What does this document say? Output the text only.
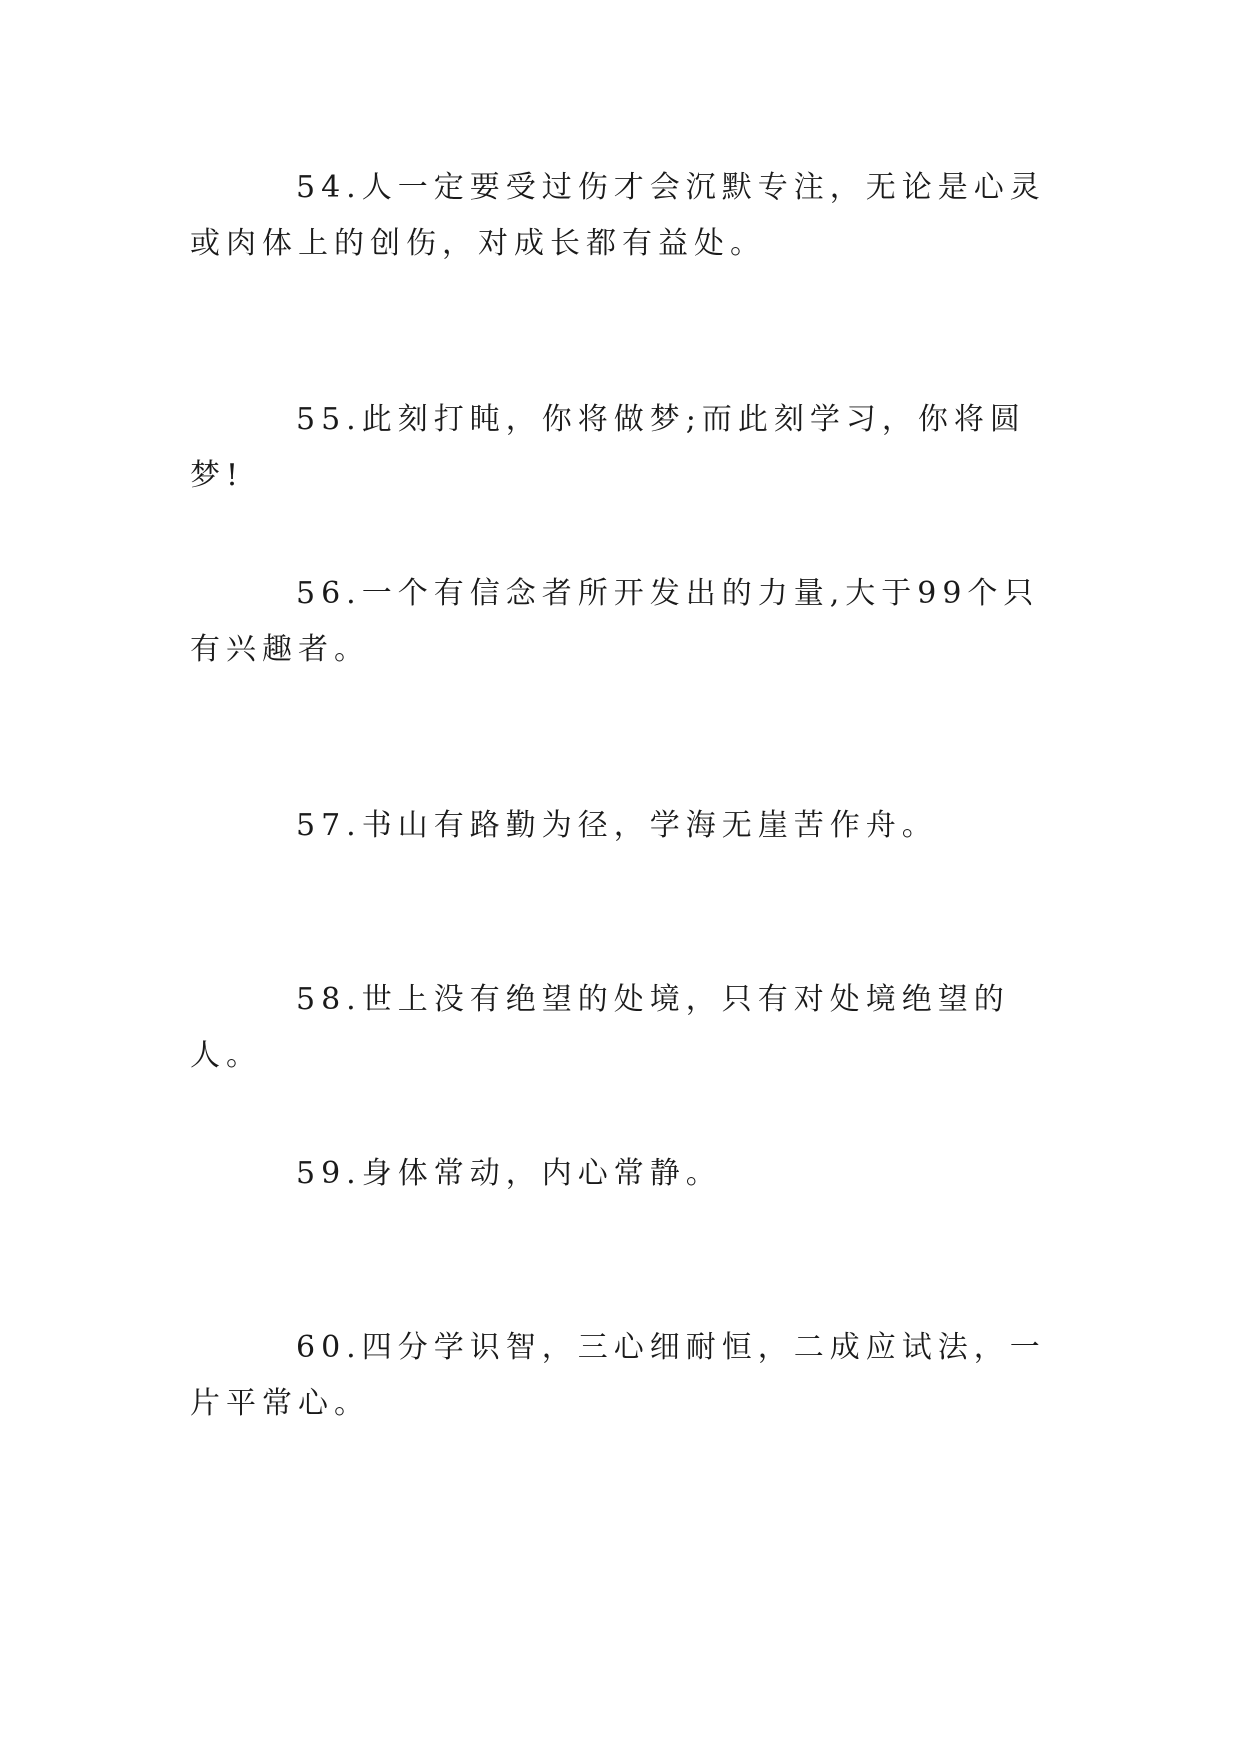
54.人一定要受过伤才会沉默专注，无论是心灵或肉体上的创伤，对成长都有益处。

55.此刻打盹，你将做梦;而此刻学习，你将圆梦!

56.一个有信念者所开发出的力量,大于99个只有兴趣者。

57.书山有路勤为径，学海无崖苦作舟。

58.世上没有绝望的处境，只有对处境绝望的人。

59.身体常动，内心常静。

60.四分学识智，三心细耐恒，二成应试法，一片平常心。
